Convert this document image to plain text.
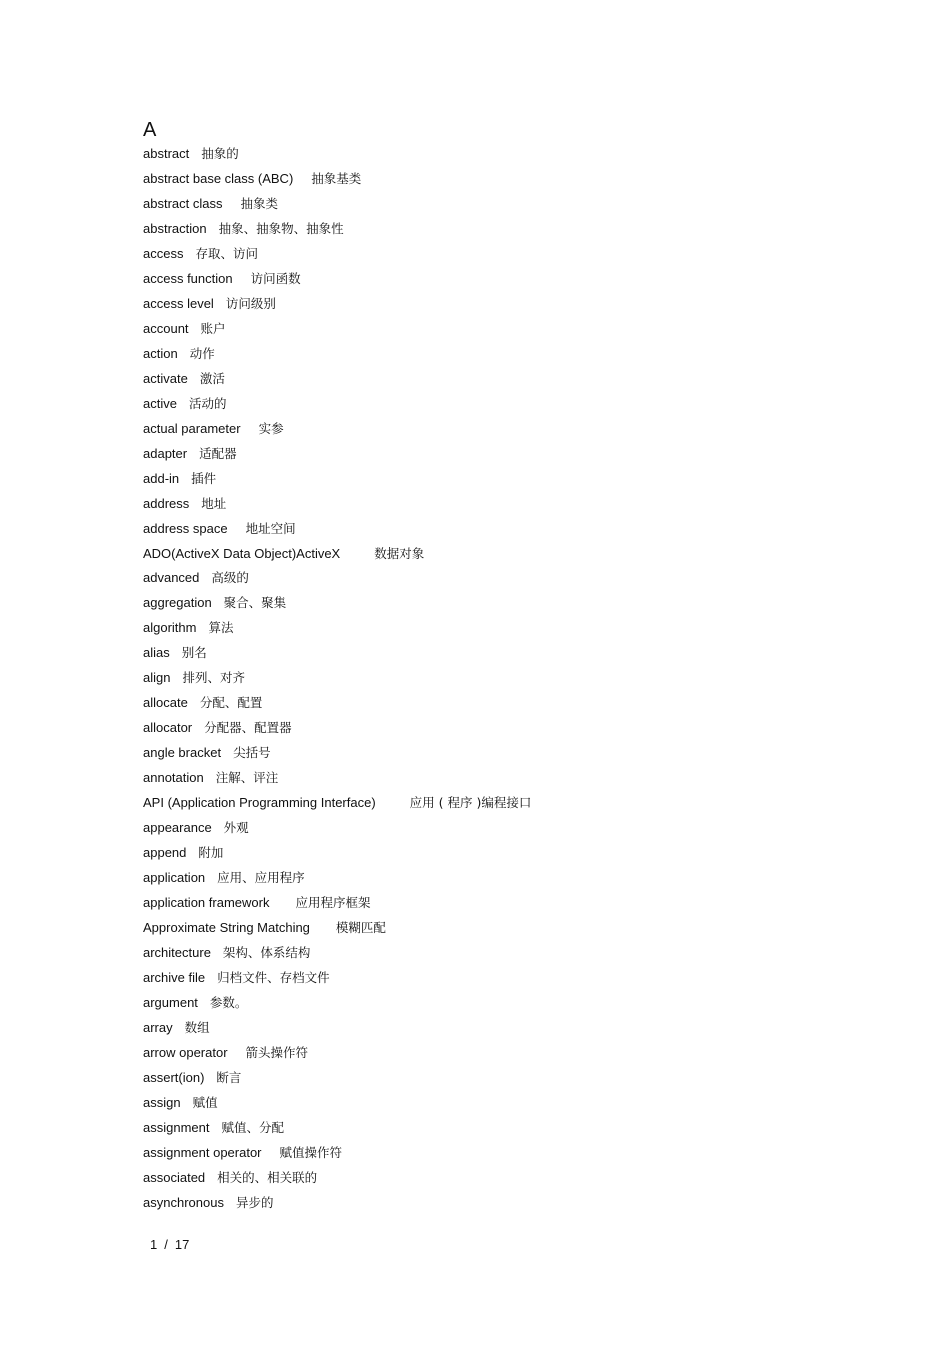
A
abstract 抽象的
abstract base class (ABC) 抽象基类
abstract class 抽象类
abstraction 抽象、抽象物、抽象性
access 存取、访问
access function 访问函数
access level 访问级别
account 账户
action 动作
activate 激活
active 活动的
actual parameter 实参
adapter 适配器
add-in 插件
address 地址
address space 地址空间
ADO(ActiveX Data Object)ActiveX	数据对象
advanced 高级的
aggregation 聚合、聚集
algorithm 算法
alias 别名
align 排列、对齐
allocate 分配、配置
allocator 分配器、配置器
angle bracket 尖括号
annotation 注解、评注
API (Application Programming Interface)	应用 ( 程序 )编程接口
appearance 外观
append 附加
application 应用、应用程序
application framework 应用程序框架
Approximate String Matching 模糊匹配
architecture 架构、体系结构
archive file 归档文件、存档文件
argument 参数。
array 数组
arrow operator 箭头操作符
assert(ion) 断言
assign 赋值
assignment 赋值、分配
assignment operator 赋值操作符
associated 相关的、相关联的
asynchronous 异步的
1 / 17
